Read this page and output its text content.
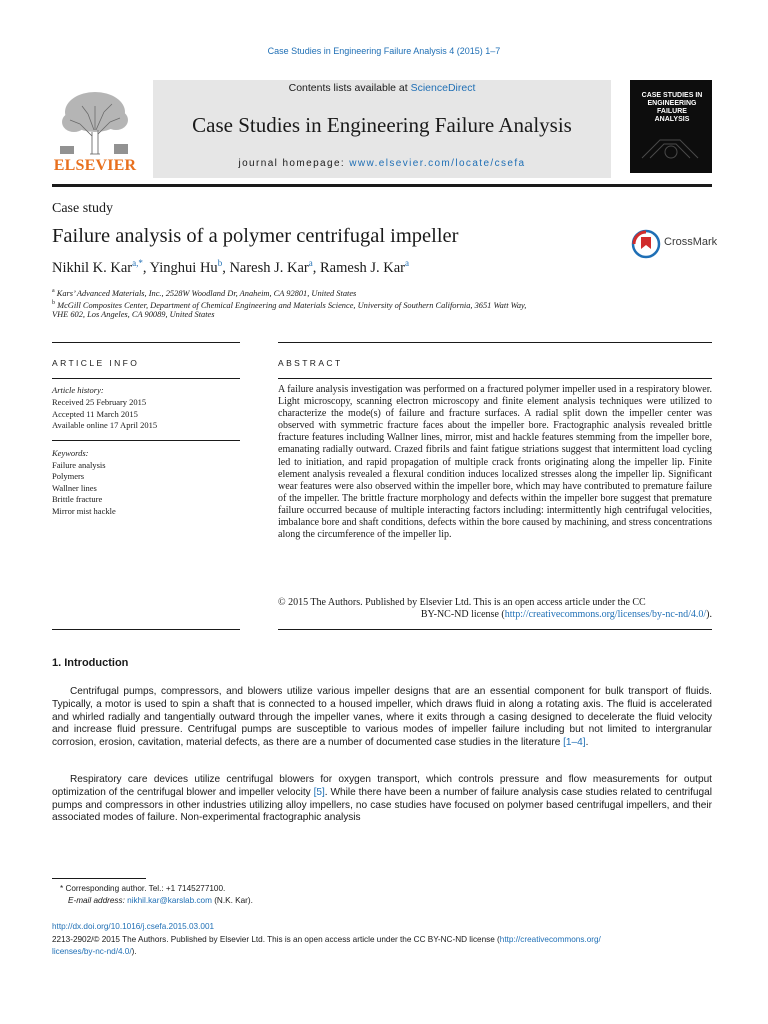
Case Studies in Engineering Failure Analysis 4 (2015) 1–7
ELSEVIER
Contents lists available at ScienceDirect
Case Studies in Engineering Failure Analysis
journal homepage: www.elsevier.com/locate/csefa
CASE STUDIES IN
ENGINEERING
FAILURE
ANALYSIS
Case study
Failure analysis of a polymer centrifugal impeller	CrossMark
Nikhil K. Kar$^{a,*}$, Yinghui Hu$^b$, Naresh J. Kar$^a$, Ramesh J. Kar$^a$
$^a$ Kars’ Advanced Materials, Inc., 2528W Woodland Dr, Anaheim, CA 92801, United States
$^b$ McGill Composites Center, Department of Chemical Engineering and Materials Science, University of Southern California, 3651 Watt Way,
VHE 602, Los Angeles, CA 90089, United States
ARTICLE INFO	ABSTRACT
Article history:
Received 25 February 2015
Accepted 11 March 2015
Available online 17 April 2015
Keywords:
Failure analysis
Polymers
Wallner lines
Brittle fracture
Mirror mist hackle
A failure analysis investigation was performed on a fractured polymer impeller used in a respiratory blower. Light microscopy, scanning electron microscopy and finite element analysis techniques were utilized to characterize the mode(s) of failure and fracture surfaces. A radial split down the impeller center was observed with symmetric fracture faces about the impeller bore. Fractographic analysis revealed brittle fracture features including Wallner lines, mirror, mist and hackle features stemming from the impeller bore, emanating radially outward. Crazed fibrils and faint fatigue striations suggest that intermittent load cycling led to initiation, and rapid propagation of multiple crack fronts originating along the impeller lip. Finite element analysis revealed a flexural condition induces localized stresses along the impeller lip. Significant wear features were also observed within the impeller bore, which may have contributed to premature failure of the impeller. The brittle fracture morphology and defects within the impeller bore suggest that premature failure occurred because of multiple interacting factors including: intermittently high centrifugal velocities, imbalance bore and shaft conditions, defects within the bore caused by machining, and stress concentrations along the circumference of the impeller lip.
© 2015 The Authors. Published by Elsevier Ltd. This is an open access article under the CC
BY-NC-ND license (http://creativecommons.org/licenses/by-nc-nd/4.0/).
1. Introduction
Centrifugal pumps, compressors, and blowers utilize various impeller designs that are an essential component for bulk transport of fluids. Typically, a motor is used to spin a shaft that is connected to a housed impeller, which draws fluid in along a rotating axis. The fluid is accelerated and whirled radially and tangentially outward through the impeller vanes, where it exits through a casing designed to decelerate the fluid velocity and increase fluid pressure. Centrifugal pumps are susceptible to various modes of impeller failure including but not limited to intergranular corrosion, erosion, cavitation, material defects, as there are a number of documented case studies in the literature [1–4].
Respiratory care devices utilize centrifugal blowers for oxygen transport, which controls pressure and flow measurements for output optimization of the centrifugal blower and impeller velocity [5]. While there have been a number of failure analysis case studies related to centrifugal pumps and compressors in other industries utilizing alloy impellers, no case studies have focused on polymer based centrifugal impellers, and their associated modes of failure. Non-experimental fractographic analysis
* Corresponding author. Tel.: +1 7145277100.
E-mail address: nikhil.kar@karslab.com (N.K. Kar).
http://dx.doi.org/10.1016/j.csefa.2015.03.001
2213-2902/© 2015 The Authors. Published by Elsevier Ltd. This is an open access article under the CC BY-NC-ND license (http://creativecommons.org/
licenses/by-nc-nd/4.0/).
